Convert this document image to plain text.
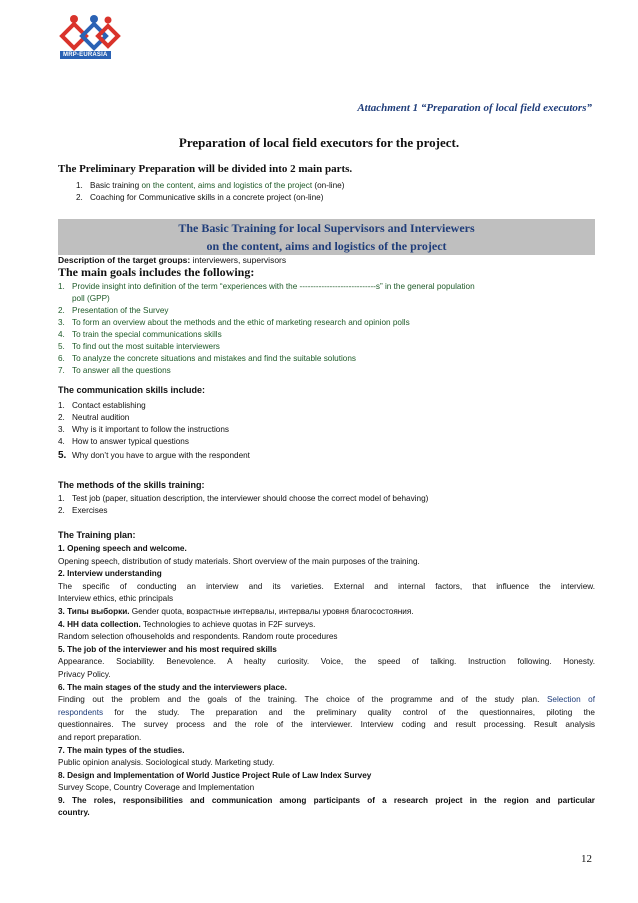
MRP-EURASIA
Attachment 1 “Preparation of local field executors”
Preparation of local field executors for the project.
The Preliminary Preparation will be divided into 2 main parts.
1. Basic training on the content, aims and logistics of the project (on-line)
2. Coaching for Communicative skills in a concrete project (on-line)
The Basic Training for local Supervisors and Interviewers
on the content, aims and logistics of the project
Description of the target groups: interviewers, supervisors
The main goals includes the following:
1. Provide insight into definition of the term “experiences with the ----------------------------s” in the general population
poll (GPP)
2. Presentation of the Survey
3. To form an overview about the methods and the ethic of marketing research and opinion polls
4. To train the special communications skills
5. To find out the most suitable interviewers
6. To analyze the concrete situations and mistakes and find the suitable solutions
7. To answer all the questions
The communication skills include:
1. Contact establishing
2. Neutral audition
3. Why is it important to follow the instructions
4. How to answer typical questions
5. Why don’t you have to argue with the respondent
The methods of the skills training:
1. Test job (paper, situation description, the interviewer should choose the correct model of behaving)
2. Exercises
The Training plan:
1. Opening speech and welcome.
Opening speech, distribution of study materials. Short overview of the main purposes of the training.
2. Interview understanding
The specific of conducting an interview and its varieties. External and internal factors, that influence the interview.
Interview ethics, ethic principals
3. Типы выборки. Gender quota, возрастные интервалы, интервалы уровня благосостояния.
4. HH data collection. Technologies to achieve quotas in F2F surveys.
Random selection ofhouseholds and respondents. Random route procedures
5. The job of the interviewer and his most required skills
Appearance. Sociability. Benevolence. A healty curiosity. Voice, the speed of talking. Instruction following. Honesty.
Privacy Policy.
6. The main stages of the study and the interviewers place.
Finding out the problem and the goals of the training. The choice of the programme and of the study plan. Selection of
respondents for the study. The preparation and the preliminary quality control of the questionnaires, piloting the
questionnaires. The survey process and the role of the interviewer. Interview coding and result processing. Result analysis
and report preparation.
7. The main types of the studies.
Public opinion analysis. Sociological study. Marketing study.
8. Design and Implementation of World Justice Project Rule of Law Index Survey
Survey Scope, Country Coverage and Implementation
9. The roles, responsibilities and communication among participants of a research project in the region and particular
country.
12
